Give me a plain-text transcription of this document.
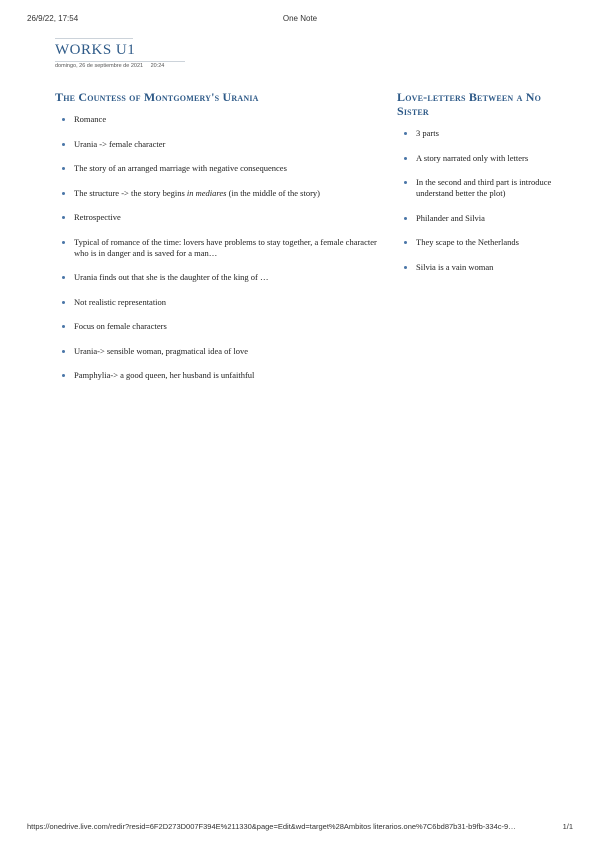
26/9/22, 17:54	One Note
WORKS U1
domingo, 26 de septiembre de 2021 20:24
The Countess of Montgomery's Urania
Romance
Urania -> female character
The story of an arranged marriage with negative consequences
The structure -> the story begins in mediares (in the middle of the story)
Retrospective
Typical of romance of the time: lovers have problems to stay together, a female character who is in danger and is saved for a man…
Urania finds out that she is the daughter of the king of …
Not realistic representation
Focus on female characters
Urania-> sensible woman, pragmatical idea of love
Pamphylia-> a good queen, her husband is unfaithful
Love-letters Between a No
Sister
3 parts
A story narrated only with letters
In the second and third part is introduce
understand better the plot)
Philander and Silvia
They scape to the Netherlands
Silvia is a vain woman
https://onedrive.live.com/redir?resid=6F2D273D007F394E%211330&page=Edit&wd=target%28Ambitos literarios.one%7C6bd87b31-b9fb-334c-9…	1/1
